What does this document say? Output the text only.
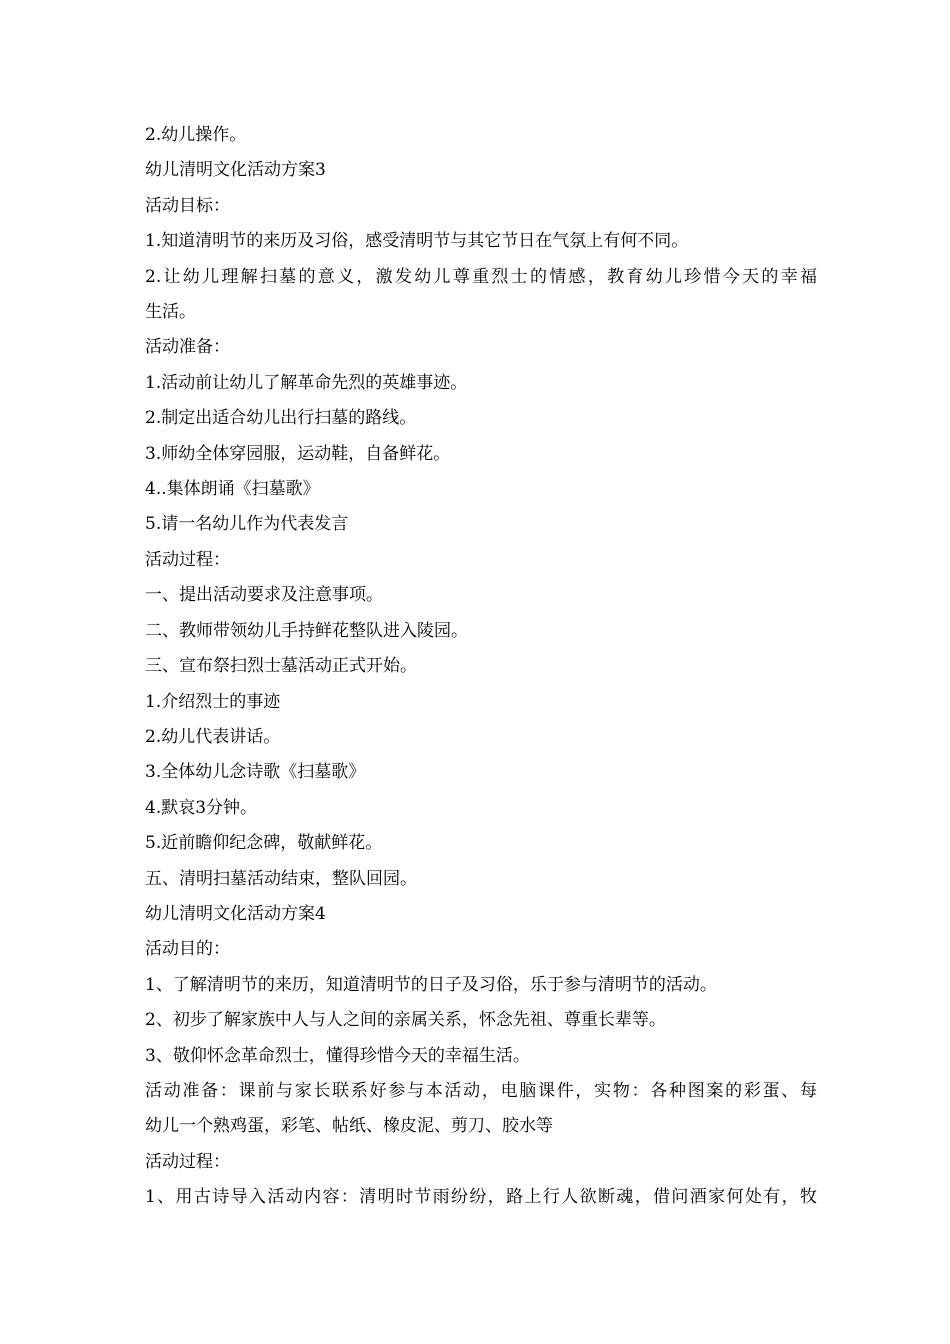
2.幼儿操作。
幼儿清明文化活动方案3
活动目标：
1.知道清明节的来历及习俗，感受清明节与其它节日在气氛上有何不同。
2.让幼儿理解扫墓的意义，激发幼儿尊重烈士的情感，教育幼儿珍惜今天的幸福
生活。
活动准备：
1.活动前让幼儿了解革命先烈的英雄事迹。
2.制定出适合幼儿出行扫墓的路线。
3.师幼全体穿园服，运动鞋，自备鲜花。
4..集体朗诵《扫墓歌》
5.请一名幼儿作为代表发言
活动过程：
一、提出活动要求及注意事项。
二、教师带领幼儿手持鲜花整队进入陵园。
三、宣布祭扫烈士墓活动正式开始。
1.介绍烈士的事迹
2.幼儿代表讲话。
3.全体幼儿念诗歌《扫墓歌》
4.默哀3分钟。
5.近前瞻仰纪念碑，敬献鲜花。
五、清明扫墓活动结束，整队回园。
幼儿清明文化活动方案4
活动目的：
1、了解清明节的来历，知道清明节的日子及习俗，乐于参与清明节的活动。
2、初步了解家族中人与人之间的亲属关系，怀念先祖、尊重长辈等。
3、敬仰怀念革命烈士，懂得珍惜今天的幸福生活。
活动准备：课前与家长联系好参与本活动，电脑课件，实物：各种图案的彩蛋、每
幼儿一个熟鸡蛋，彩笔、帖纸、橡皮泥、剪刀、胶水等
活动过程：
1、用古诗导入活动内容：清明时节雨纷纷，路上行人欲断魂，借问酒家何处有，牧
